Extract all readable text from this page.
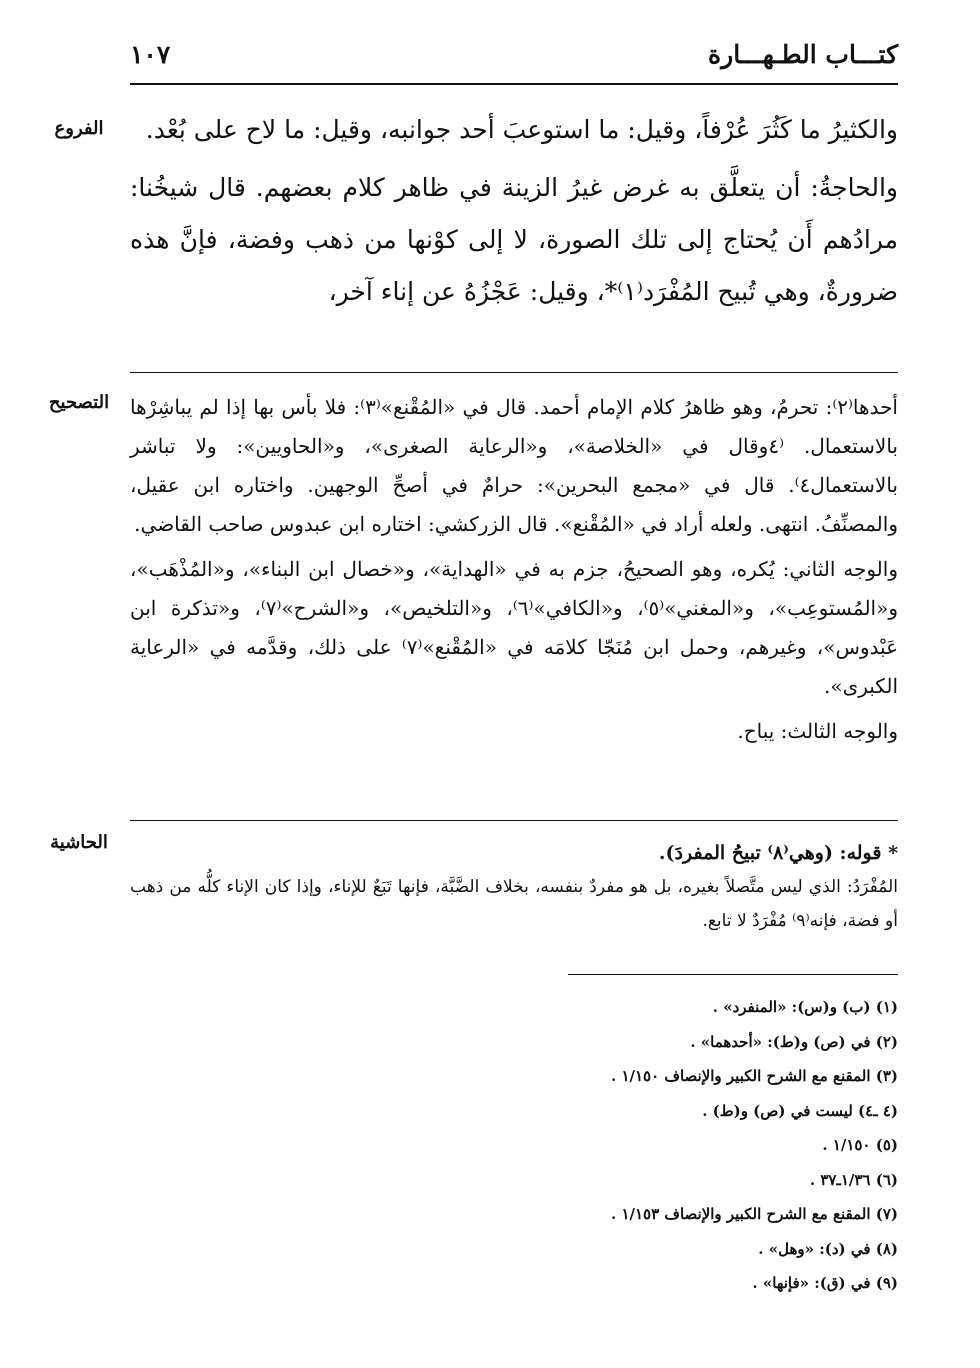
كتـــاب الطـهـــارة
١٠٧
الفروع	والكثيرُ ما كَثُرَ عُرْفاً، وقيل: ما استوعبَ أحد جوانبه، وقيل: ما لاح على بُعْد.

والحاجةُ: أن يتعلَّق به غرض غيرُ الزينة في ظاهر كلام بعضهم. قال شيخُنا: مرادُهم أَن يُحتاج إلى تلك الصورة، لا إلى كوْنها من ذهب وفضة، فإنَّ هذه ضرورةٌ، وهي تُبيح المُفْرَد⁽١⁾*، وقيل: عَجْزُهُ عن إناء آخر،

التصحيح	أحدها⁽٢⁾: تحرمُ، وهو ظاهرُ كلام الإمام أحمد. قال في «المُقْنع»⁽٣⁾: فلا بأس بها إذا لم يباشِرْها بالاستعمال. ⁽٤وقال في «الخلاصة»، و«الرعاية الصغرى»، و«الحاويين»: ولا تباشر بالاستعمال٤⁾. قال في «مجمع البحرين»: حرامٌ في أصحِّ الوجهين. واختاره ابن عقيل، والمصنِّفُ. انتهى. ولعله أراد في «المُقْنع». قال الزركشي: اختاره ابن عبدوس صاحب القاضي.

والوجه الثاني: يُكره، وهو الصحيحُ، جزم به في «الهداية»، و«خصال ابن البناء»، و«المُذْهَب»، و«المُستوعِب»، و«المغني»⁽٥⁾، و«الكافي»⁽٦⁾، و«التلخيص»، و«الشرح»⁽٧⁾، و«تذكرة ابن عَبْدوس»، وغيرهم، وحمل ابن مُنَجّا كلامَه في «المُقْنع»⁽٧⁾ على ذلك، وقدَّمه في «الرعاية الكبرى».

والوجه الثالث: يباح.

الحاشية	* قوله: (وهي⁽٨⁾ تبيحُ المفردَ).

المُفْرَدُ: الذي ليس متَّصلاً بغيره، بل هو مفردٌ بنفسه، بخلاف الضَّبَّة، فإنها تَبَعٌ للإناء، وإذا كان الإناء كلُّه من ذهب أو فضة، فإنه⁽٩⁾ مُفْرَدٌ لا تابع.

(١) (ب) و(س): «المنفرد» .
(٢) في (ص) و(ط): «أحدهما» .
(٣) المقنع مع الشرح الكبير والإنصاف ١/١٥٠ .
(٤ ـ٤) ليست في (ص) و(ط) .
(٥) ١/١٥٠ .
(٦) ١/٣٦ـ٣٧ .
(٧) المقنع مع الشرح الكبير والإنصاف ١/١٥٣ .
(٨) في (د): «وهل» .
(٩) في (ق): «فإنها» .
